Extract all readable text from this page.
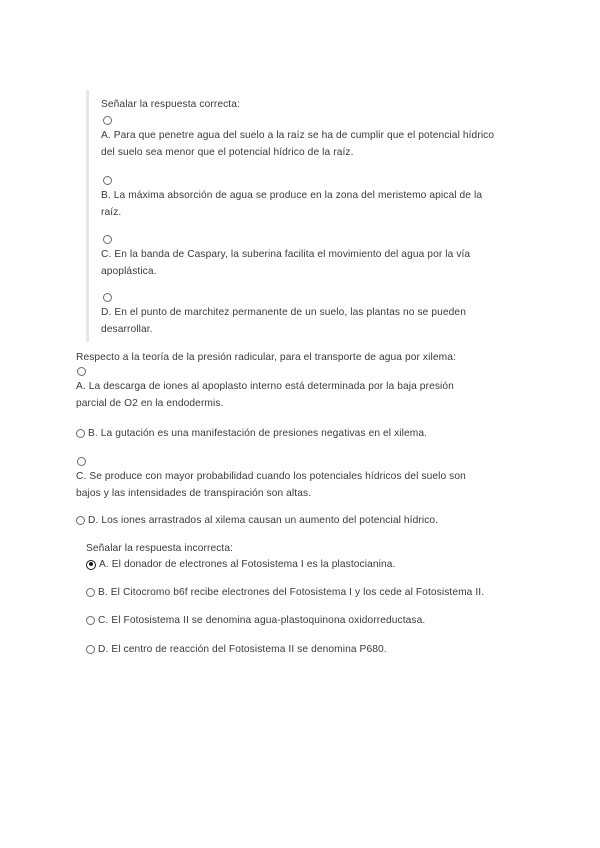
Señalar la respuesta correcta:
A. Para que penetre agua del suelo a la raíz se ha de cumplir que el potencial hídrico
del suelo sea menor que el potencial hídrico de la raíz.
B. La máxima absorción de agua se produce en la zona del meristemo apical de la
raíz.
C. En la banda de Caspary, la suberina facilita el movimiento del agua por la vía
apoplástica.
D. En el punto de marchitez permanente de un suelo, las plantas no se pueden
desarrollar.
Respecto a la teoría de la presión radicular, para el transporte de agua por xilema:
A. La descarga de iones al apoplasto interno está determinada por la baja presión
parcial de O2 en la endodermis.
B. La gutación es una manifestación de presiones negativas en el xilema.
C. Se produce con mayor probabilidad cuando los potenciales hídricos del suelo son
bajos y las intensidades de transpiración son altas.
D. Los iones arrastrados al xilema causan un aumento del potencial hídrico.
Señalar la respuesta incorrecta:
A. El donador de electrones al Fotosistema I es la plastocianina.
B. El Citocromo b6f recibe electrones del Fotosistema I y los cede al Fotosistema II.
C. El Fotosistema II se denomina agua-plastoquinona oxidorreductasa.
D. El centro de reacción del Fotosistema II se denomina P680.
